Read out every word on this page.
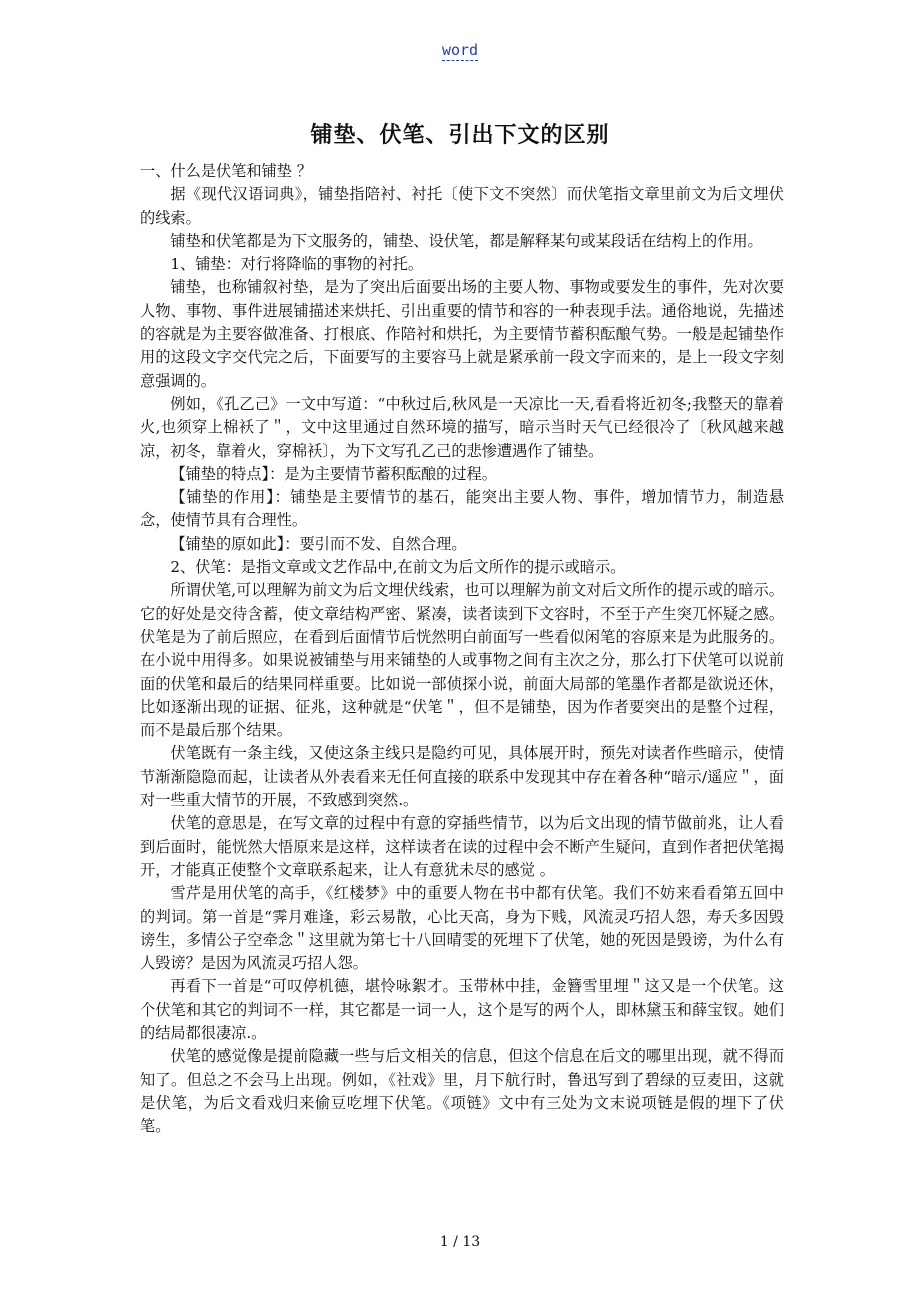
word
铺垫、伏笔、引出下文的区别

一、什么是伏笔和铺垫 ？

据《现代汉语词典》，铺垫指陪衬、衬托〔使下文不突然〕而伏笔指文章里前文为后文埋伏的线索。

铺垫和伏笔都是为下文服务的，铺垫、设伏笔，都是解释某句或某段话在结构上的作用。

1、铺垫：对行将降临的事物的衬托。

铺垫，也称铺叙衬垫，是为了突出后面要出场的主要人物、事物或要发生的事件，先对次要人物、事物、事件进展铺描述来烘托、引出重要的情节和容的一种表现手法。通俗地说，先描述的容就是为主要容做准备、打根底、作陪衬和烘托，为主要情节蓄积酝酿气势。一般是起铺垫作用的这段文字交代完之后，下面要写的主要容马上就是紧承前一段文字而来的，是上一段文字刻意强调的。

例如，《孔乙己》一文中写道：“中秋过后,秋风是一天凉比一天,看看将近初冬;我整天的靠着火,也须穿上棉袄了＂，文中这里通过自然环境的描写，暗示当时天气已经很冷了〔秋风越来越凉，初冬，靠着火，穿棉袄〕，为下文写孔乙己的悲惨遭遇作了铺垫。

【铺垫的特点】：是为主要情节蓄积酝酿的过程。

【铺垫的作用】：铺垫是主要情节的基石，能突出主要人物、事件，增加情节力，制造悬念，使情节具有合理性。

【铺垫的原如此】：要引而不发、自然合理。

2、伏笔：是指文章或文艺作品中,在前文为后文所作的提示或暗示。

所谓伏笔,可以理解为前文为后文埋伏线索，也可以理解为前文对后文所作的提示或的暗示。它的好处是交待含蓄，使文章结构严密、紧凑，读者读到下文容时，不至于产生突兀怀疑之感。伏笔是为了前后照应，在看到后面情节后恍然明白前面写一些看似闲笔的容原来是为此服务的。在小说中用得多。如果说被铺垫与用来铺垫的人或事物之间有主次之分，那么打下伏笔可以说前面的伏笔和最后的结果同样重要。比如说一部侦探小说，前面大局部的笔墨作者都是欲说还休，比如逐渐出现的证据、征兆，这种就是“伏笔＂，但不是铺垫，因为作者要突出的是整个过程，而不是最后那个结果。

伏笔既有一条主线，又使这条主线只是隐约可见，具体展开时，预先对读者作些暗示，使情节渐渐隐隐而起，让读者从外表看来无任何直接的联系中发现其中存在着各种“暗示/遥应＂，面对一些重大情节的开展，不致感到突然.。

伏笔的意思是，在写文章的过程中有意的穿插些情节，以为后文出现的情节做前兆，让人看到后面时，能恍然大悟原来是这样，这样读者在读的过程中会不断产生疑问，直到作者把伏笔揭开，才能真正使整个文章联系起来，让人有意犹未尽的感觉 。

雪芹是用伏笔的高手，《红楼梦》中的重要人物在书中都有伏笔。我们不妨来看看第五回中的判词。第一首是“霁月难逢，彩云易散，心比天高，身为下贱，风流灵巧招人怨，寿夭多因毁谤生，多情公子空牵念＂这里就为第七十八回晴雯的死埋下了伏笔，她的死因是毁谤，为什么有人毁谤？是因为风流灵巧招人怨。

再看下一首是“可叹停机德，堪怜咏絮才。玉带林中挂，金簪雪里埋＂这又是一个伏笔。这个伏笔和其它的判词不一样，其它都是一词一人，这个是写的两个人，即林黛玉和薛宝钗。她们的结局都很凄凉.。

伏笔的感觉像是提前隐藏一些与后文相关的信息，但这个信息在后文的哪里出现，就不得而知了。但总之不会马上出现。例如，《社戏》里，月下航行时，鲁迅写到了碧绿的豆麦田，这就是伏笔，为后文看戏归来偷豆吃埋下伏笔。《项链》文中有三处为文末说项链是假的埋下了伏笔。

1 / 13
